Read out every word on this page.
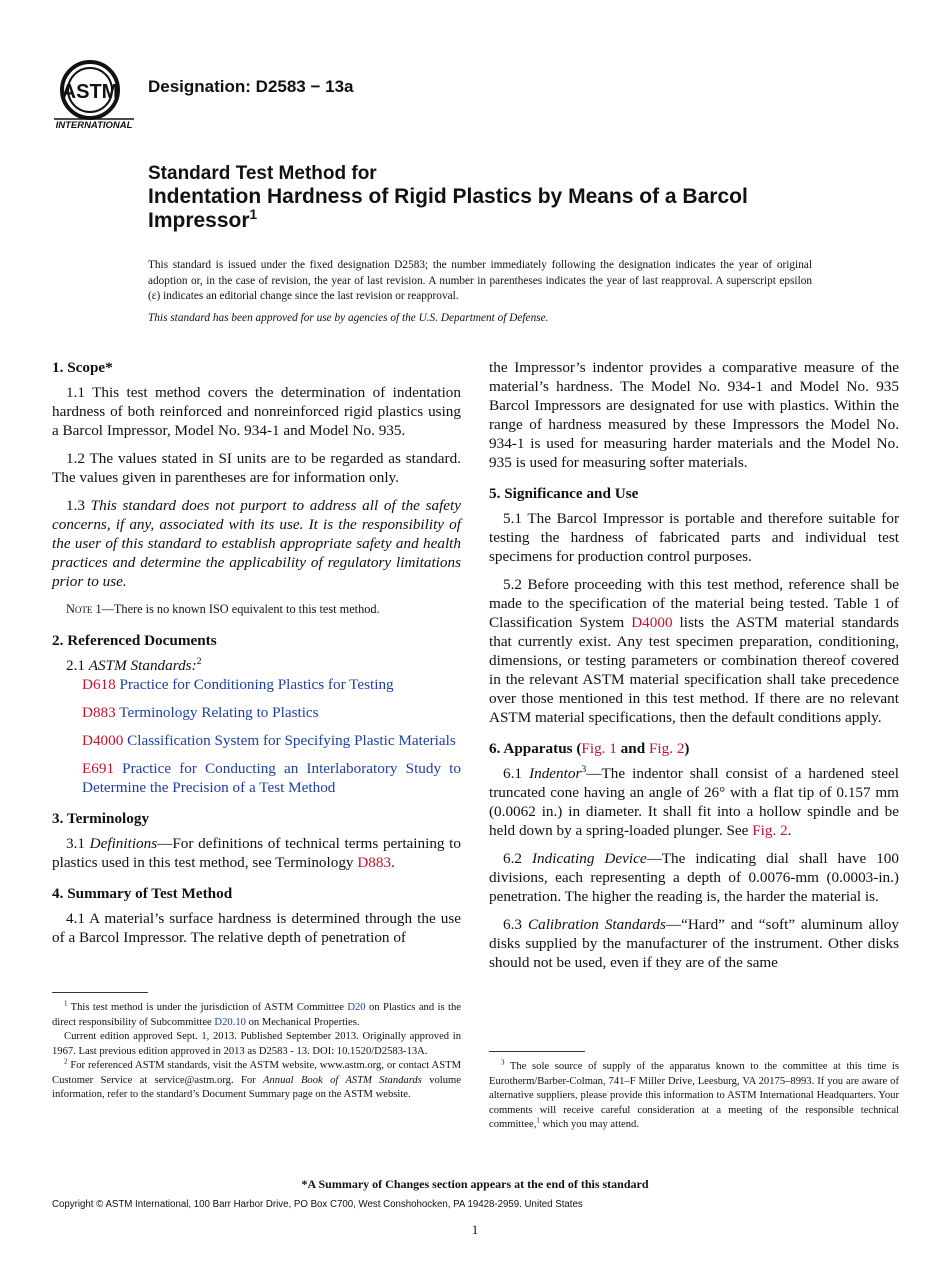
ASTM
INTERNATIONAL
Designation: D2583 − 13a
Standard Test Method for
Indentation Hardness of Rigid Plastics by Means of a Barcol
Impressor$^1$
This standard is issued under the fixed designation D2583; the number immediately following the designation indicates the year of original adoption or, in the case of revision, the year of last revision. A number in parentheses indicates the year of last reapproval. A superscript epsilon (ε) indicates an editorial change since the last revision or reapproval.
This standard has been approved for use by agencies of the U.S. Department of Defense.
1. Scope*

1.1 This test method covers the determination of indentation hardness of both reinforced and nonreinforced rigid plastics using a Barcol Impressor, Model No. 934-1 and Model No. 935.

1.2 The values stated in SI units are to be regarded as standard. The values given in parentheses are for information only.

1.3 This standard does not purport to address all of the safety concerns, if any, associated with its use. It is the responsibility of the user of this standard to establish appropriate safety and health practices and determine the applicability of regulatory limitations prior to use.

Note 1—There is no known ISO equivalent to this test method.

2. Referenced Documents

2.1 ASTM Standards:$^2$

D618 Practice for Conditioning Plastics for Testing

D883 Terminology Relating to Plastics

D4000 Classification System for Specifying Plastic Materials

E691 Practice for Conducting an Interlaboratory Study to Determine the Precision of a Test Method

3. Terminology

3.1 Definitions—For definitions of technical terms pertaining to plastics used in this test method, see Terminology D883.

4. Summary of Test Method

4.1 A material’s surface hardness is determined through the use of a Barcol Impressor. The relative depth of penetration of

the Impressor’s indentor provides a comparative measure of the material’s hardness. The Model No. 934-1 and Model No. 935 Barcol Impressors are designated for use with plastics. Within the range of hardness measured by these Impressors the Model No. 934-1 is used for measuring harder materials and the Model No. 935 is used for measuring softer materials.

5. Significance and Use

5.1 The Barcol Impressor is portable and therefore suitable for testing the hardness of fabricated parts and individual test specimens for production control purposes.

5.2 Before proceeding with this test method, reference shall be made to the specification of the material being tested. Table 1 of Classification System D4000 lists the ASTM material standards that currently exist. Any test specimen preparation, conditioning, dimensions, or testing parameters or combination thereof covered in the relevant ASTM material specification shall take precedence over those mentioned in this test method. If there are no relevant ASTM material specifications, then the default conditions apply.

6. Apparatus (Fig. 1 and Fig. 2)

6.1 Indentor$^3$—The indentor shall consist of a hardened steel truncated cone having an angle of 26° with a flat tip of 0.157 mm (0.0062 in.) in diameter. It shall fit into a hollow spindle and be held down by a spring-loaded plunger. See Fig. 2.

6.2 Indicating Device—The indicating dial shall have 100 divisions, each representing a depth of 0.0076-mm (0.0003-in.) penetration. The higher the reading is, the harder the material is.

6.3 Calibration Standards—“Hard” and “soft” aluminum alloy disks supplied by the manufacturer of the instrument. Other disks should not be used, even if they are of the same

$^1$ This test method is under the jurisdiction of ASTM Committee D20 on Plastics and is the direct responsibility of Subcommittee D20.10 on Mechanical Properties.

Current edition approved Sept. 1, 2013. Published September 2013. Originally approved in 1967. Last previous edition approved in 2013 as D2583 - 13. DOI: 10.1520/D2583-13A.

$^2$ For referenced ASTM standards, visit the ASTM website, www.astm.org, or contact ASTM Customer Service at service@astm.org. For Annual Book of ASTM Standards volume information, refer to the standard’s Document Summary page on the ASTM website.

$^3$ The sole source of supply of the apparatus known to the committee at this time is Eurotherm/Barber-Colman, 741–F Miller Drive, Leesburg, VA 20175–8993. If you are aware of alternative suppliers, please provide this information to ASTM International Headquarters. Your comments will receive careful consideration at a meeting of the responsible technical committee,$^1$ which you may attend.

*A Summary of Changes section appears at the end of this standard
Copyright © ASTM International, 100 Barr Harbor Drive, PO Box C700, West Conshohocken, PA 19428-2959. United States
1
